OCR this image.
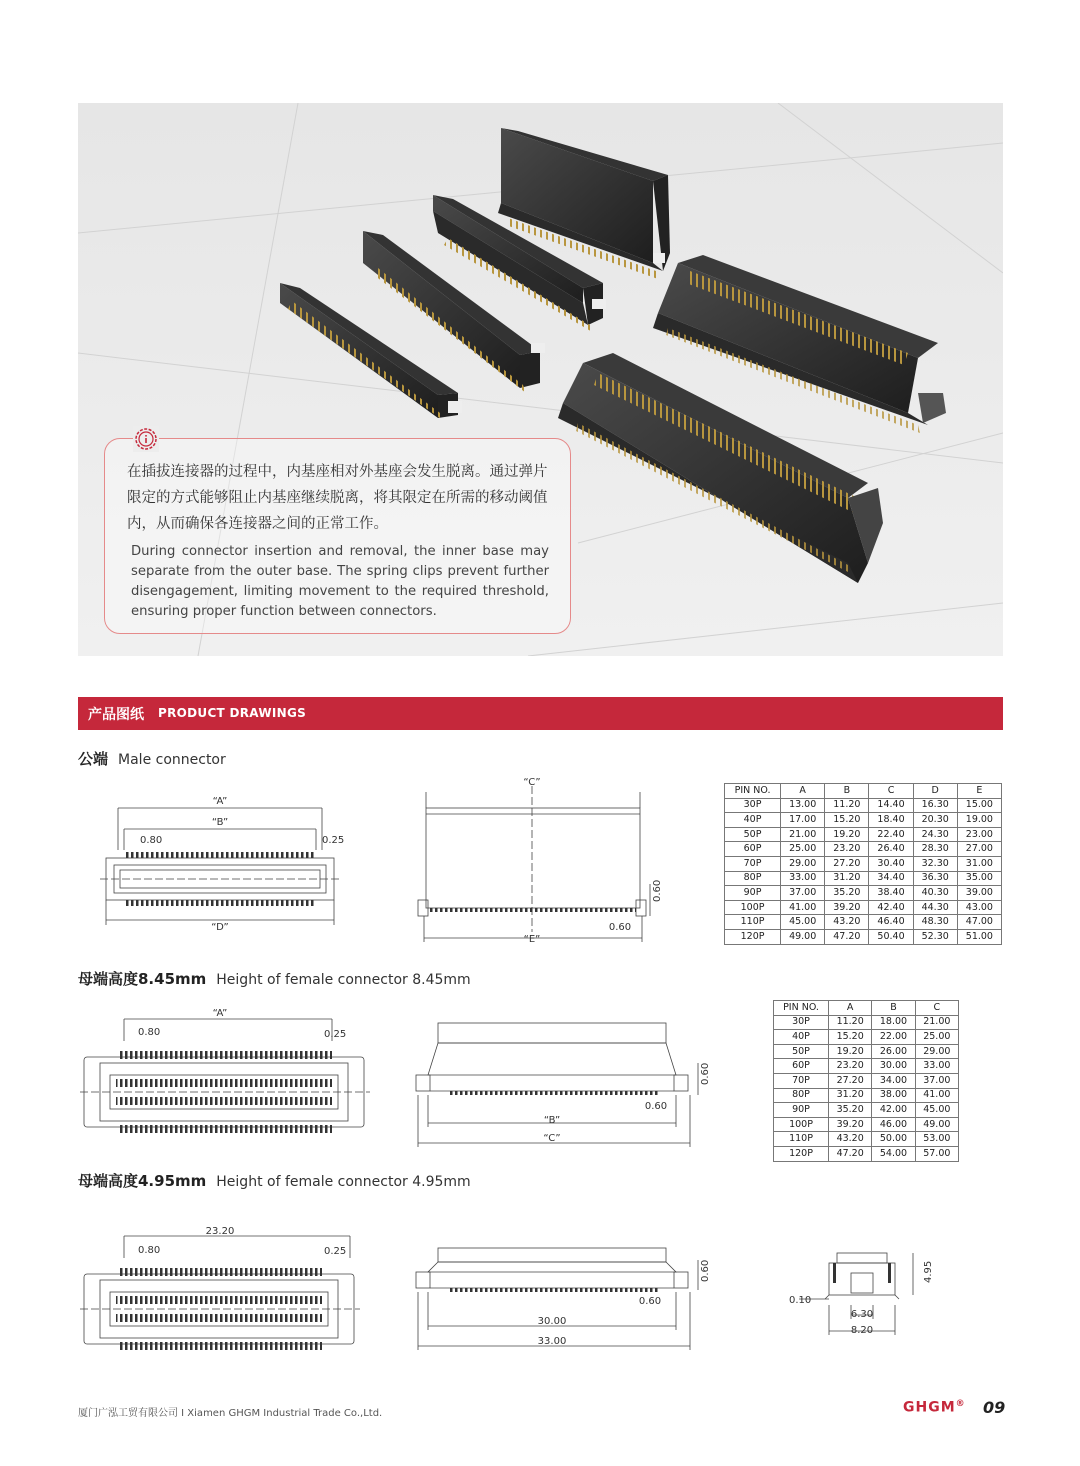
在插拔连接器的过程中，内基座相对外基座会发生脱离。通过弹片限定的方式能够阻止内基座继续脱离，将其限定在所需的移动阈值内，从而确保各连接器之间的正常工作。
During connector insertion and removal, the inner base may separate from the outer base. The spring clips prevent further disengagement, limiting movement to the required threshold, ensuring proper function between connectors.
产品图纸 PRODUCT DRAWINGS
公端 Male connector
“A”
“B”
0.80	0.25
“D”
“C”
0.60
“E”
0.60
PIN NO.	A	B	C	D	E
30P	13.00	11.20	14.40	16.30	15.00
40P	17.00	15.20	18.40	20.30	19.00
50P	21.00	19.20	22.40	24.30	23.00
60P	25.00	23.20	26.40	28.30	27.00
70P	29.00	27.20	30.40	32.30	31.00
80P	33.00	31.20	34.40	36.30	35.00
90P	37.00	35.20	38.40	40.30	39.00
100P	41.00	39.20	42.40	44.30	43.00
110P	45.00	43.20	46.40	48.30	47.00
120P	49.00	47.20	50.40	52.30	51.00
母端高度8.45mm Height of female connector 8.45mm
“A”
0.80	0.25
0.60
0.60
“B”
“C”
PIN NO.	A	B	C
30P	11.20	18.00	21.00
40P	15.20	22.00	25.00
50P	19.20	26.00	29.00
60P	23.20	30.00	33.00
70P	27.20	34.00	37.00
80P	31.20	38.00	41.00
90P	35.20	42.00	45.00
100P	39.20	46.00	49.00
110P	43.20	50.00	53.00
120P	47.20	54.00	57.00
母端高度4.95mm Height of female connector 4.95mm
23.20
0.80	0.25
0.60
0.60
30.00
33.00
0.10
6.30
8.20
4.95
厦门广泓工贸有限公司 I Xiamen GHGM Industrial Trade Co.,Ltd.	GHGM® 09
